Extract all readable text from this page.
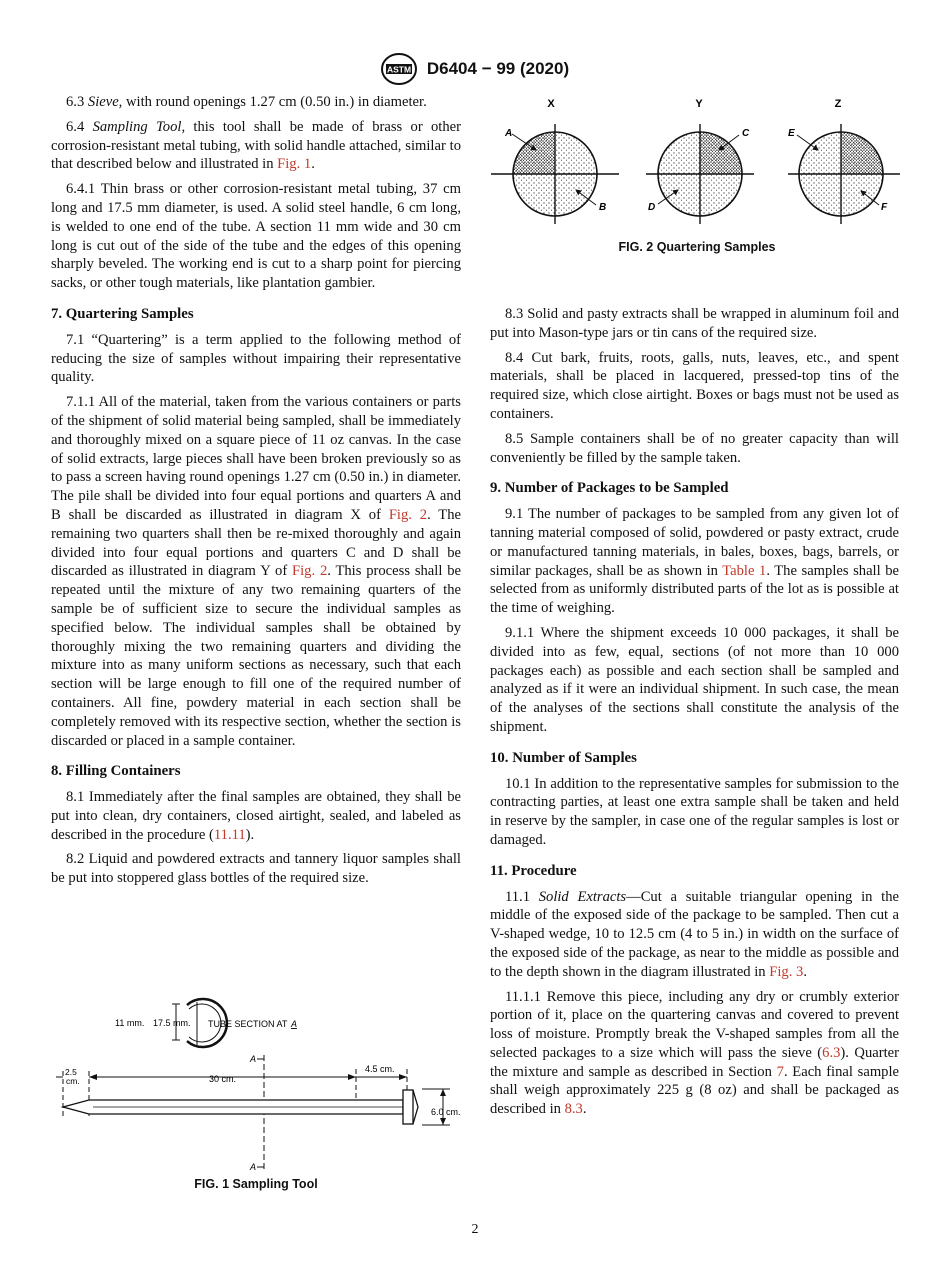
ASTM D6404 − 99 (2020)

6.3 Sieve, with round openings 1.27 cm (0.50 in.) in diameter.

6.4 Sampling Tool, this tool shall be made of brass or other corrosion-resistant metal tubing, with solid handle attached, similar to that described below and illustrated in Fig. 1.

6.4.1 Thin brass or other corrosion-resistant metal tubing, 37 cm long and 17.5 mm diameter, is used. A solid steel handle, 6 cm long, is welded to one end of the tube. A section 11 mm wide and 30 cm long is cut out of the side of the tube and the edges of this opening sharply beveled. The working end is cut to a sharp point for piercing sacks, or other tough materials, like plantation gambier.

7. Quartering Samples

7.1 “Quartering” is a term applied to the following method of reducing the size of samples without impairing their representative quality.

7.1.1 All of the material, taken from the various containers or parts of the shipment of solid material being sampled, shall be immediately and thoroughly mixed on a square piece of 11 oz canvas. In the case of solid extracts, large pieces shall have been broken previously so as to pass a screen having round openings 1.27 cm (0.50 in.) in diameter. The pile shall be divided into four equal portions and quarters A and B shall be discarded as illustrated in diagram X of Fig. 2. The remaining two quarters shall then be re-mixed thoroughly and again divided into four equal portions and quarters C and D shall be discarded as illustrated in diagram Y of Fig. 2. This process shall be repeated until the mixture of any two remaining quarters of the sample be of sufficient size to secure the individual samples as specified below. The individual samples shall be obtained by thoroughly mixing the two remaining quarters and dividing the mixture into as many uniform sections as necessary, such that each section will be large enough to fill one of the required number of containers. All fine, powdery material in each section shall be completely removed with its respective section, whether the section is discarded or placed in a sample container.

8. Filling Containers

8.1 Immediately after the final samples are obtained, they shall be put into clean, dry containers, closed airtight, sealed, and labeled as described in the procedure (11.11).

8.2 Liquid and powdered extracts and tannery liquor samples shall be put into stoppered glass bottles of the required size.

11 mm. 17.5 mm. TUBE SECTION AT A
A
A
2.5
cm.	30 cm.
4.5 cm.
6.0 cm.
FIG. 1 Sampling Tool
X
A
B
Y
C
D
Z
E
F
FIG. 2 Quartering Samples

8.3 Solid and pasty extracts shall be wrapped in aluminum foil and put into Mason-type jars or tin cans of the required size.

8.4 Cut bark, fruits, roots, galls, nuts, leaves, etc., and spent materials, shall be placed in lacquered, pressed-top tins of the required size, which close airtight. Boxes or bags must not be used as containers.

8.5 Sample containers shall be of no greater capacity than will conveniently be filled by the sample taken.

9. Number of Packages to be Sampled

9.1 The number of packages to be sampled from any given lot of tanning material composed of solid, powdered or pasty extract, crude or manufactured tanning materials, in bales, boxes, bags, barrels, or similar packages, shall be as shown in Table 1. The samples shall be selected from as uniformly distributed parts of the lot as is possible at the time of weighing.

9.1.1 Where the shipment exceeds 10 000 packages, it shall be divided into as few, equal, sections (of not more than 10 000 packages each) as possible and each section shall be sampled and analyzed as if it were an individual shipment. In such case, the mean of the analyses of the sections shall constitute the analysis of the shipment.

10. Number of Samples

10.1 In addition to the representative samples for submission to the contracting parties, at least one extra sample shall be taken and held in reserve by the sampler, in case one of the regular samples is lost or damaged.

11. Procedure

11.1 Solid Extracts—Cut a suitable triangular opening in the middle of the exposed side of the package to be sampled. Then cut a V-shaped wedge, 10 to 12.5 cm (4 to 5 in.) in width on the surface of the exposed side of the package, as near to the middle as possible and to the depth shown in the diagram illustrated in Fig. 3.

11.1.1 Remove this piece, including any dry or crumbly exterior portion of it, place on the quartering canvas and covered to prevent loss of moisture. Promptly break the V-shaped samples from all the selected packages to a size which will pass the sieve (6.3). Quarter the mixture and sample as described in Section 7. Each final sample shall weigh approximately 225 g (8 oz) and shall be packaged as described in 8.3.

2
